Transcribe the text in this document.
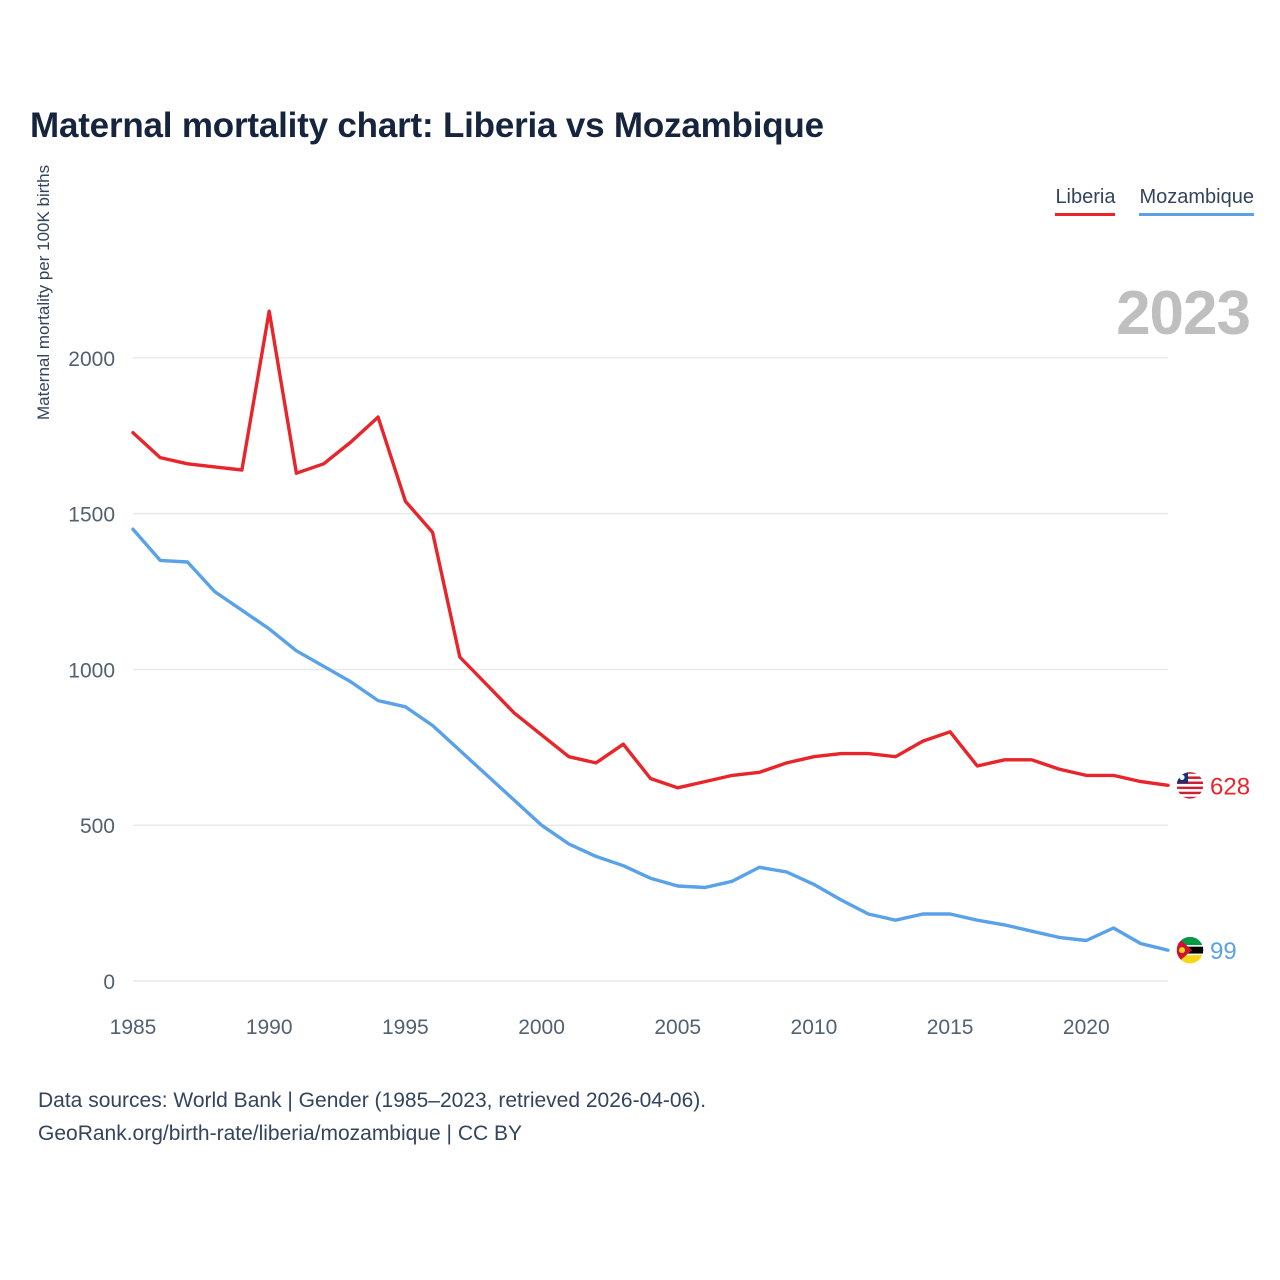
Maternal mortality chart: Liberia vs Mozambique
Liberia Mozambique
2023
Maternal mortality per 100K births
0
500
1000
1500
2000
1985	1990	1995	2000	2005	2010	2015	2020
628
99
Data sources: World Bank | Gender (1985–2023, retrieved 2026-04-06).
GeoRank.org/birth-rate/liberia/mozambique | CC BY
